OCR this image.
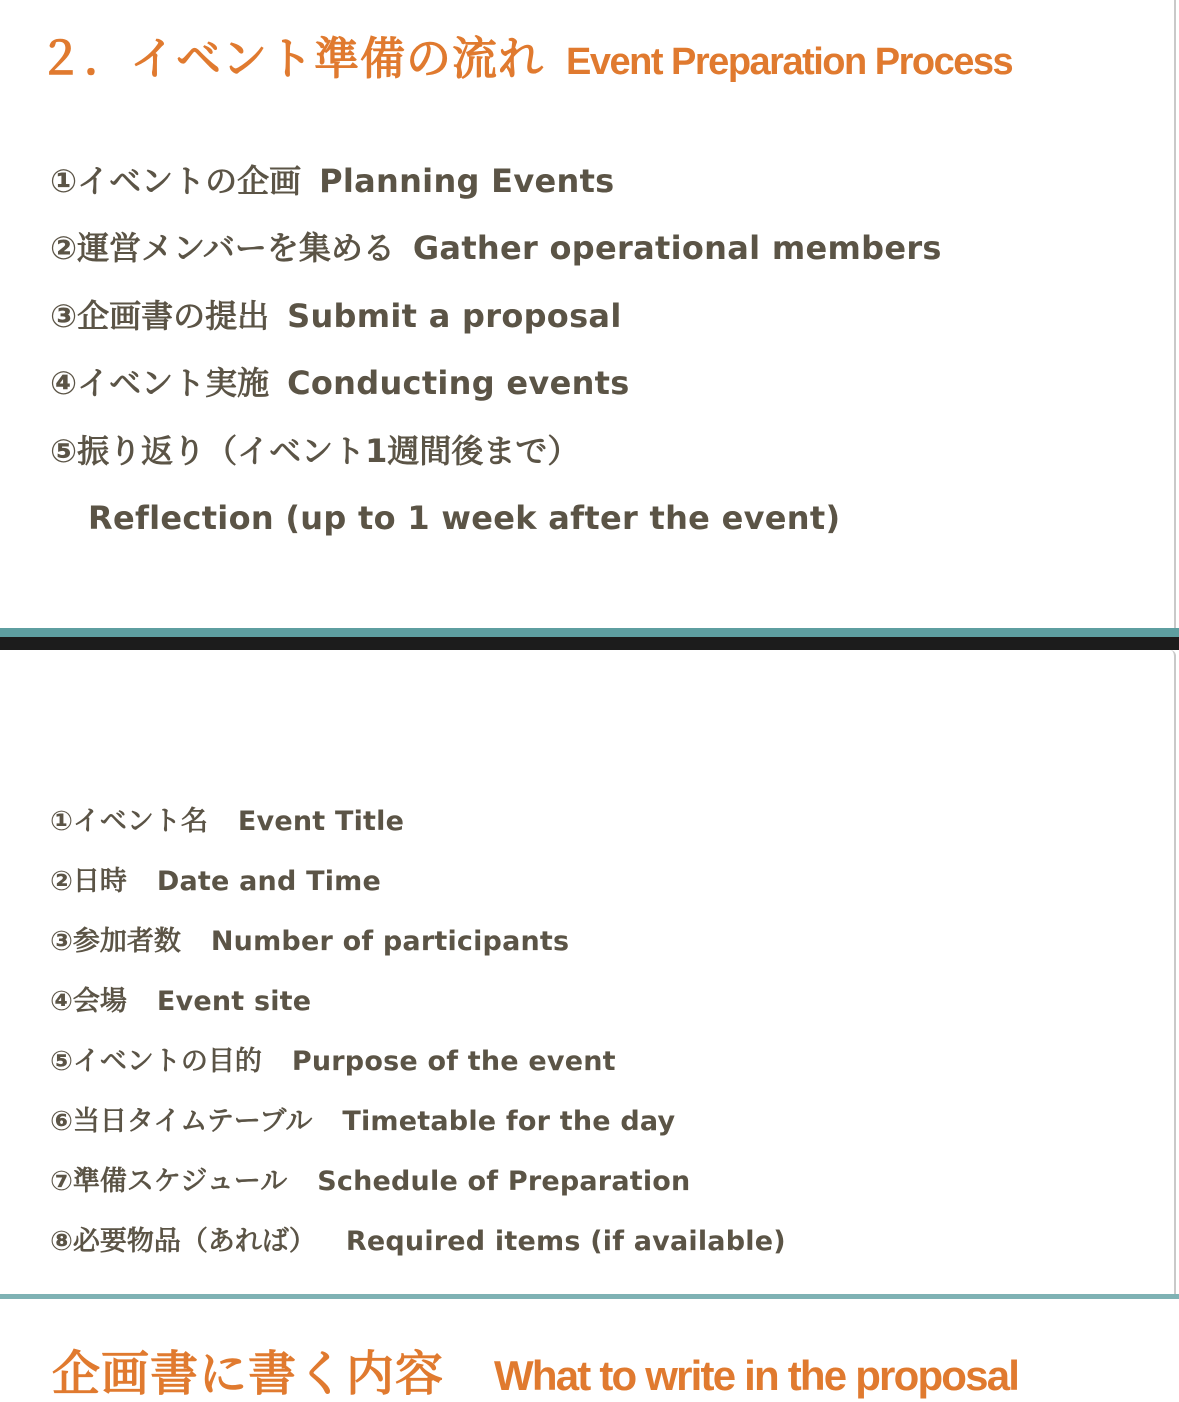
２．イベント準備の流れ Event Preparation Process
①イベントの企画 Planning Events
②運営メンバーを集める Gather operational members
③企画書の提出 Submit a proposal
④イベント実施 Conducting events
⑤振り返り（イベント1週間後まで）
Reflection (up to 1 week after the event)
企画書に書く内容 What to write in the proposal
①イベント名 Event Title
②日時 Date and Time
③参加者数 Number of participants
④会場 Event site
⑤イベントの目的 Purpose of the event
⑥当日タイムテーブル Timetable for the day
⑦準備スケジュール Schedule of Preparation
⑧必要物品（あれば） Required items (if available)
